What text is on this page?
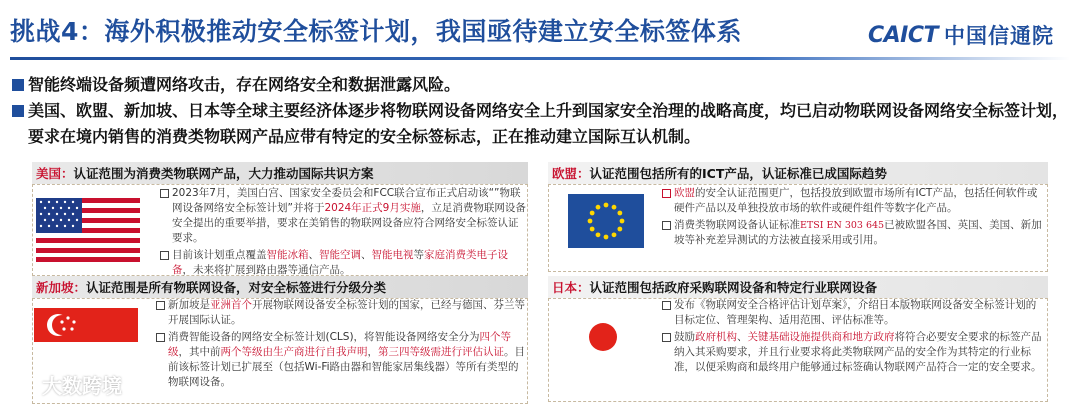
挑战4：海外积极推动安全标签计划，我国亟待建立安全标签体系	CAICT 中国信通院
智能终端设备频遭网络攻击，存在网络安全和数据泄露风险。
美国、欧盟、新加坡、日本等全球主要经济体逐步将物联网设备网络安全上升到国家安全治理的战略高度，均已启动物联网设备网络安全标签计划，要求在境内销售的消费类物联网产品应带有特定的安全标签标志，正在推动建立国际互认机制。
美国： 认证范围为消费类物联网产品，大力推动国际共识方案
2023年7月，美国白宫、国家安全委员会和FCC联合宣布正式启动该“”物联网设备网络安全标签计划”并将于2024年正式9月实施，立足消费物联网设备安全提出的重要举措，要求在美销售的物联网设备应符合网络安全标签认证要求。
目前该计划重点覆盖智能冰箱、智能空调、智能电视等家庭消费类电子设备，未来将扩展到路由器等通信产品。
欧盟： 认证范围包括所有的ICT产品，认证标准已成国际趋势
欧盟的安全认证范围更广，包括投放到欧盟市场所有ICT产品，包括任何软件或硬件产品以及单独投放市场的软件或硬件组件等数字化产品。
消费类物联网设备认证标准ETSI EN 303 645已被欧盟各国、英国、美国、新加坡等补充差异测试的方法被直接采用或引用。
新加坡： 认证范围是所有物联网设备，对安全标签进行分级分类
新加坡是亚洲首个开展物联网设备安全标签计划的国家，已经与德国、芬兰等开展国际认证。
消费智能设备的网络安全标签计划(CLS)，将智能设备网络安全分为四个等级，其中前两个等级由生产商进行自我声明，第三四等级需进行评估认证。目前该标签计划已扩展至（包括Wi-Fi路由器和智能家居集线器）等所有类型的物联网设备。
日本： 认证范围包括政府采购联网设备和特定行业联网设备
发布《物联网安全合格评估计划草案》，介绍日本版物联网设备安全标签计划的目标定位、管理架构、适用范围、评估标准等。
鼓励政府机构、关键基础设施提供商和地方政府将符合必要安全要求的标签产品纳入其采购要求，并且行业要求将此类物联网产品的安全作为其特定的行业标准，以便采购商和最终用户能够通过标签确认物联网产品符合一定的安全要求。
大数跨境
